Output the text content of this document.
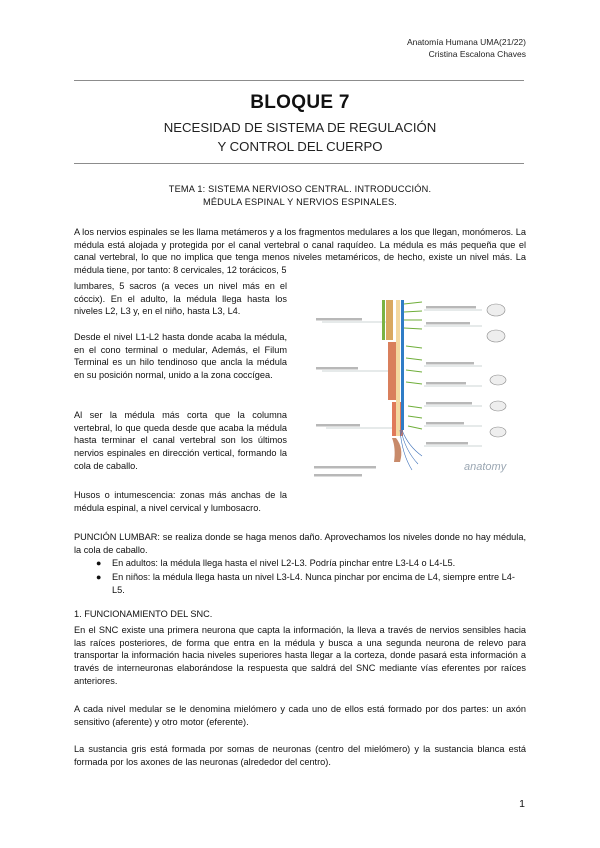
Anatomía Humana UMA(21/22)
Cristina Escalona Chaves
BLOQUE 7
NECESIDAD DE SISTEMA DE REGULACIÓN
Y CONTROL DEL CUERPO
TEMA 1: SISTEMA NERVIOSO CENTRAL. INTRODUCCIÓN.
MÉDULA ESPINAL Y NERVIOS ESPINALES.
A los nervios espinales se les llama metámeros y a los fragmentos medulares a los que llegan, monómeros. La médula está alojada y protegida por el canal vertebral o canal raquídeo. La médula es más pequeña que el canal vertebral, lo que no implica que tenga menos niveles metaméricos, de hecho, existe un nivel más. La médula tiene, por tanto: 8 cervicales, 12 torácicos, 5
lumbares, 5 sacros (a veces un nivel más en el cóccix). En el adulto, la médula llega hasta los niveles L2, L3 y, en el niño, hasta L3, L4.
Desde el nivel L1-L2 hasta donde acaba la médula, en el cono terminal o medular, Además, el Filum Terminal es un hilo tendinoso que ancla la médula en su posición normal, unido a la zona coccígea.
Al ser la médula más corta que la columna vertebral, lo que queda desde que acaba la médula hasta terminar el canal vertebral son los últimos nervios espinales en dirección vertical, formando la cola de caballo.
Husos o intumescencia: zonas más anchas de la médula espinal, a nivel cervical y lumbosacro.
anatomy
PUNCIÓN LUMBAR: se realiza donde se haga menos daño. Aprovechamos los niveles donde no hay médula, la cola de caballo.
● En adultos: la médula llega hasta el nivel L2-L3. Podría pinchar entre L3-L4 o L4-L5.
● En niños: la médula llega hasta un nivel L3-L4. Nunca pinchar por encima de L4, siempre entre L4-L5.
1. FUNCIONAMIENTO DEL SNC.
En el SNC existe una primera neurona que capta la información, la lleva a través de nervios sensibles hacia las raíces posteriores, de forma que entra en la médula y busca a una segunda neurona de relevo para transportar la información hacia niveles superiores hasta llegar a la corteza, donde pasará esta información a través de interneuronas elaborándose la respuesta que saldrá del SNC mediante vías eferentes por raíces anteriores.
A cada nivel medular se le denomina mielómero y cada uno de ellos está formado por dos partes: un axón sensitivo (aferente) y otro motor (eferente).
La sustancia gris está formada por somas de neuronas (centro del mielómero) y la sustancia blanca está formada por los axones de las neuronas (alrededor del centro).
1
